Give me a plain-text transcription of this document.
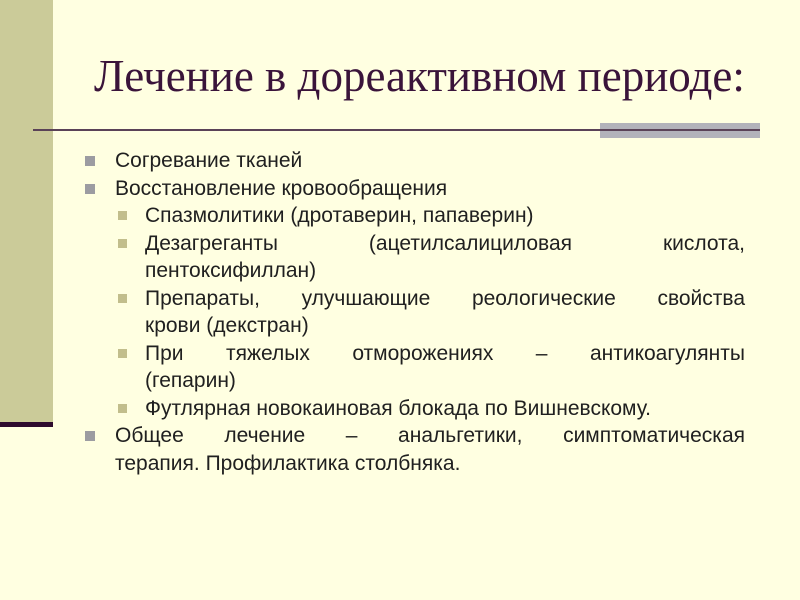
Лечение в дореактивном периоде:
Согревание тканей
Восстановление кровообращения
Спазмолитики (дротаверин, папаверин)
Дезагреганты (ацетилсалициловая кислота,
пентоксифиллан)
Препараты, улучшающие реологические свойства
крови (декстран)
При тяжелых отморожениях – антикоагулянты
(гепарин)
Футлярная новокаиновая блокада по Вишневскому.
Общее лечение – анальгетики, симптоматическая
терапия. Профилактика столбняка.
